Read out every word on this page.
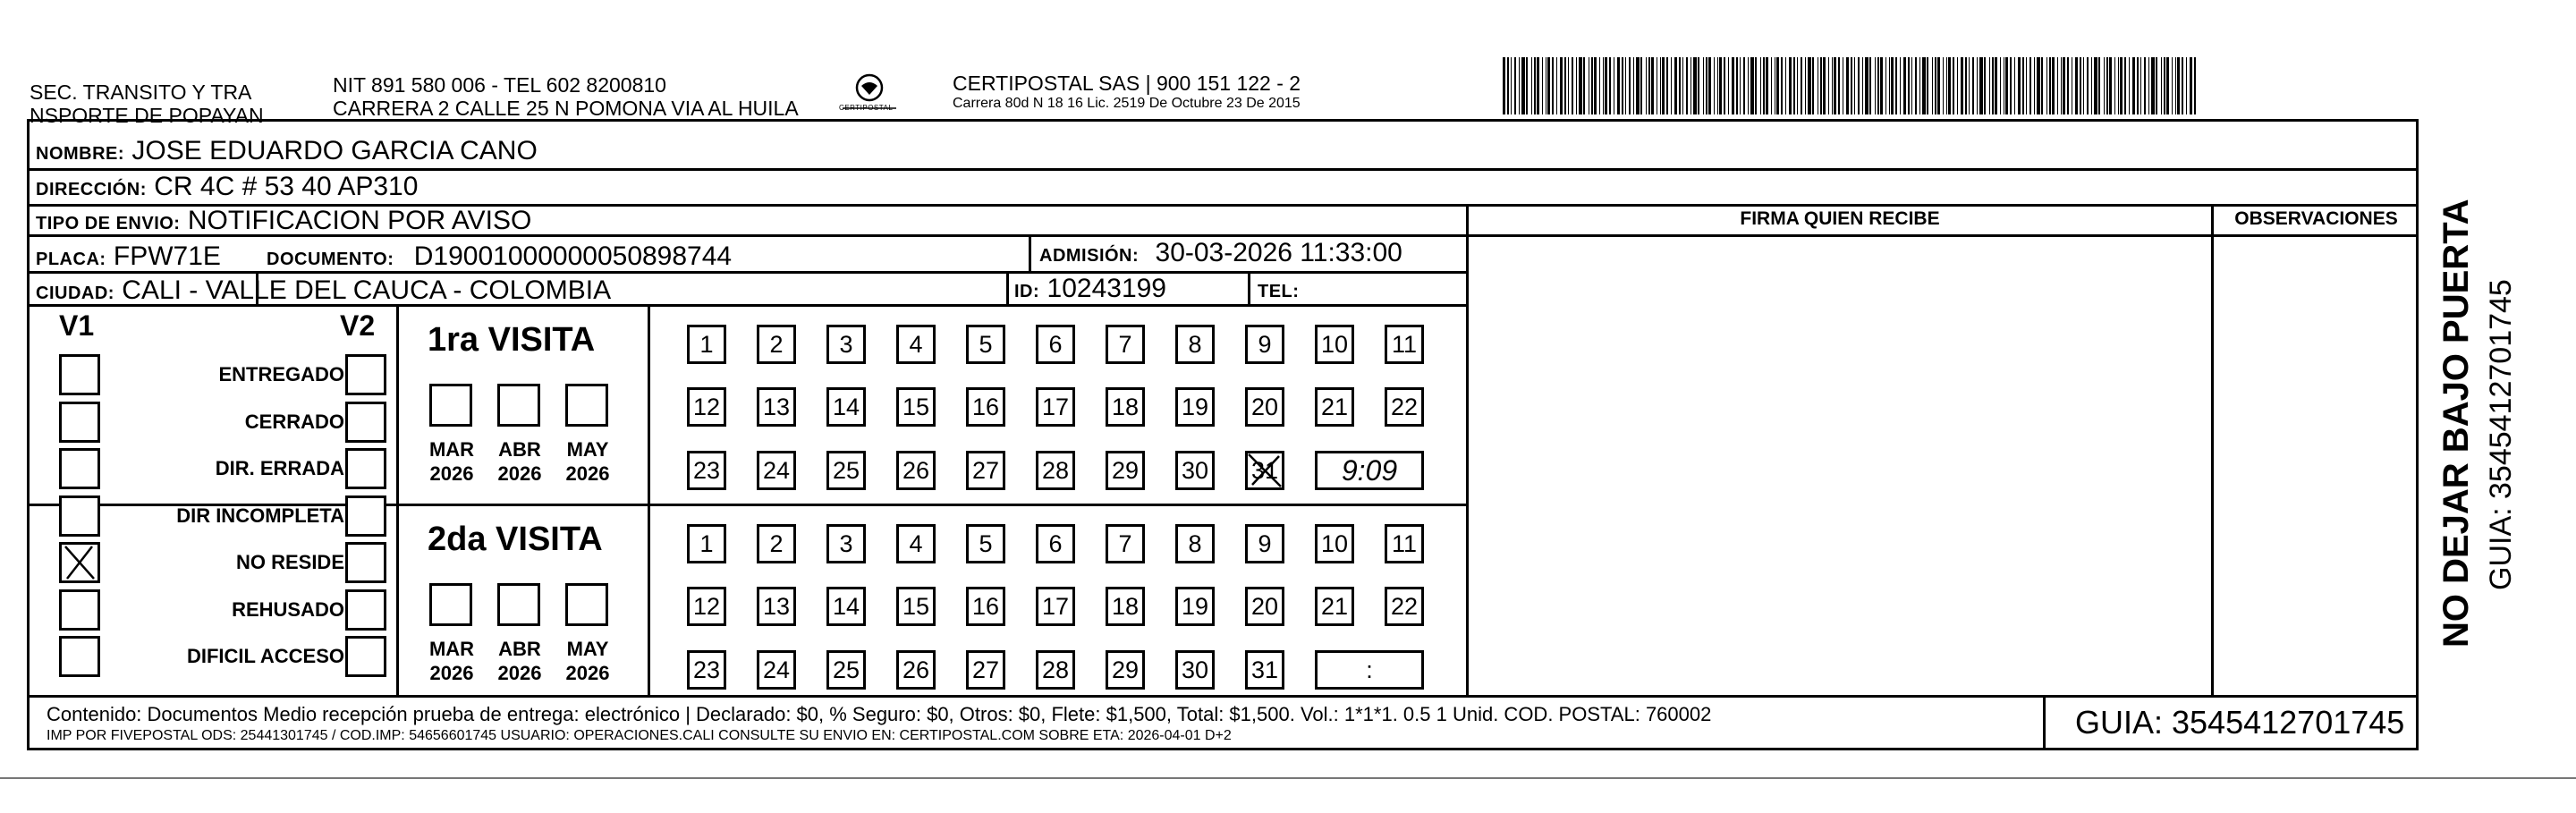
SEC. TRANSITO Y TRA
NSPORTE DE POPAYAN
NIT 891 580 006 - TEL 602 8200810
CARRERA 2 CALLE 25 N POMONA VIA AL HUILA	CERTIPOSTAL
CERTIPOSTAL SAS | 900 151 122 - 2
Carrera 80d N 18 16 Lic. 2519 De Octubre 23 De 2015
NOMBRE: JOSE EDUARDO GARCIA CANO
DIRECCIÓN: CR 4C # 53 40 AP310
TIPO DE ENVIO: NOTIFICACION POR AVISO
PLACA: FPW71E	DOCUMENTO: D19001000000050898744	ADMISIÓN: 30-03-2026 11:33:00
CIUDAD: CALI - VALLE DEL CAUCA - COLOMBIA	ID: 10243199	TEL:
FIRMA QUIEN RECIBE	OBSERVACIONES
V1	V2
ENTREGADO
CERRADO
DIR. ERRADA
DIR INCOMPLETA
NO RESIDE
REHUSADO
DIFICIL ACCESO
1ra VISITA
MAR
2026
ABR
2026
MAY
2026
1	2	3	4	5	6	7	8	9	10 11
12 13 14 15 16 17 18 19 20 21 22
23 24 25 26 27 28 29 30 31	9:09
2da VISITA
MAR
2026
ABR
2026
MAY
2026
1	2	3	4	5	6	7	8	9	10 11
12 13 14 15 16 17 18 19 20 21 22
23 24 25 26 27 28 29 30 31	:
Contenido: Documentos Medio recepción prueba de entrega: electrónico | Declarado: $0, % Seguro: $0, Otros: $0, Flete: $1,500, Total: $1,500. Vol.: 1*1*1. 0.5 1 Unid. COD. POSTAL: 760002
IMP POR FIVEPOSTAL ODS: 25441301745 / COD.IMP: 54656601745 USUARIO: OPERACIONES.CALI CONSULTE SU ENVIO EN: CERTIPOSTAL.COM SOBRE ETA: 2026-04-01 D+2	GUIA: 3545412701745
NO DEJAR BAJO PUERTA GUIA: 3545412701745
